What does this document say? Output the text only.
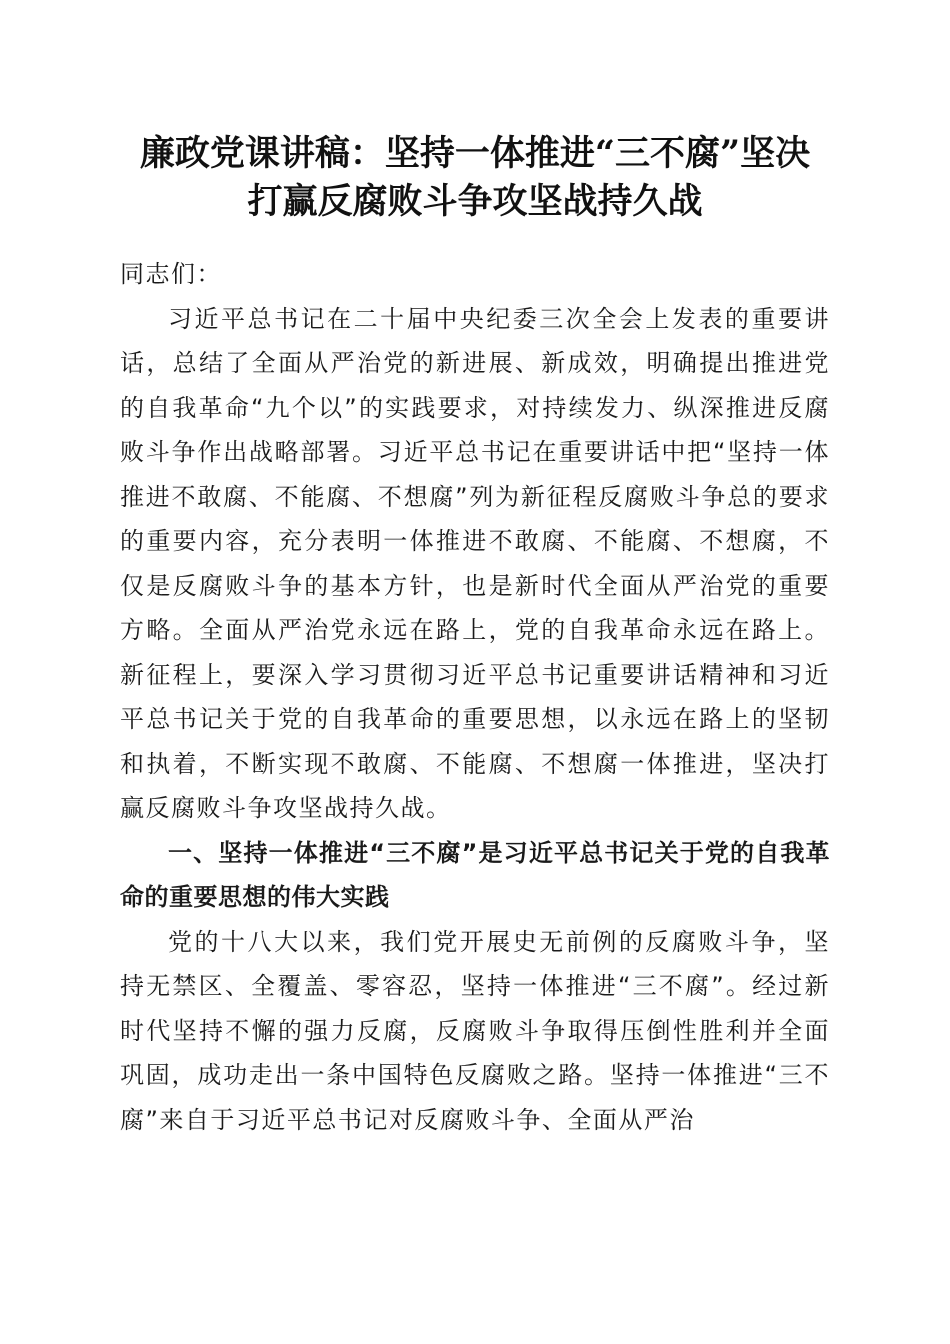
廉政党课讲稿：坚持一体推进“三不腐”坚决
打赢反腐败斗争攻坚战持久战

同志们：

习近平总书记在二十届中央纪委三次全会上发表的重要讲话，总结了全面从严治党的新进展、新成效，明确提出推进党的自我革命“九个以”的实践要求，对持续发力、纵深推进反腐败斗争作出战略部署。习近平总书记在重要讲话中把“坚持一体推进不敢腐、不能腐、不想腐”列为新征程反腐败斗争总的要求的重要内容，充分表明一体推进不敢腐、不能腐、不想腐，不仅是反腐败斗争的基本方针，也是新时代全面从严治党的重要方略。全面从严治党永远在路上，党的自我革命永远在路上。新征程上，要深入学习贯彻习近平总书记重要讲话精神和习近平总书记关于党的自我革命的重要思想，以永远在路上的坚韧和执着，不断实现不敢腐、不能腐、不想腐一体推进，坚决打赢反腐败斗争攻坚战持久战。

一、坚持一体推进“三不腐”是习近平总书记关于党的自我革命的重要思想的伟大实践

党的十八大以来，我们党开展史无前例的反腐败斗争，坚持无禁区、全覆盖、零容忍，坚持一体推进“三不腐”。经过新时代坚持不懈的强力反腐，反腐败斗争取得压倒性胜利并全面巩固，成功走出一条中国特色反腐败之路。坚持一体推进“三不腐”来自于习近平总书记对反腐败斗争、全面从严治
